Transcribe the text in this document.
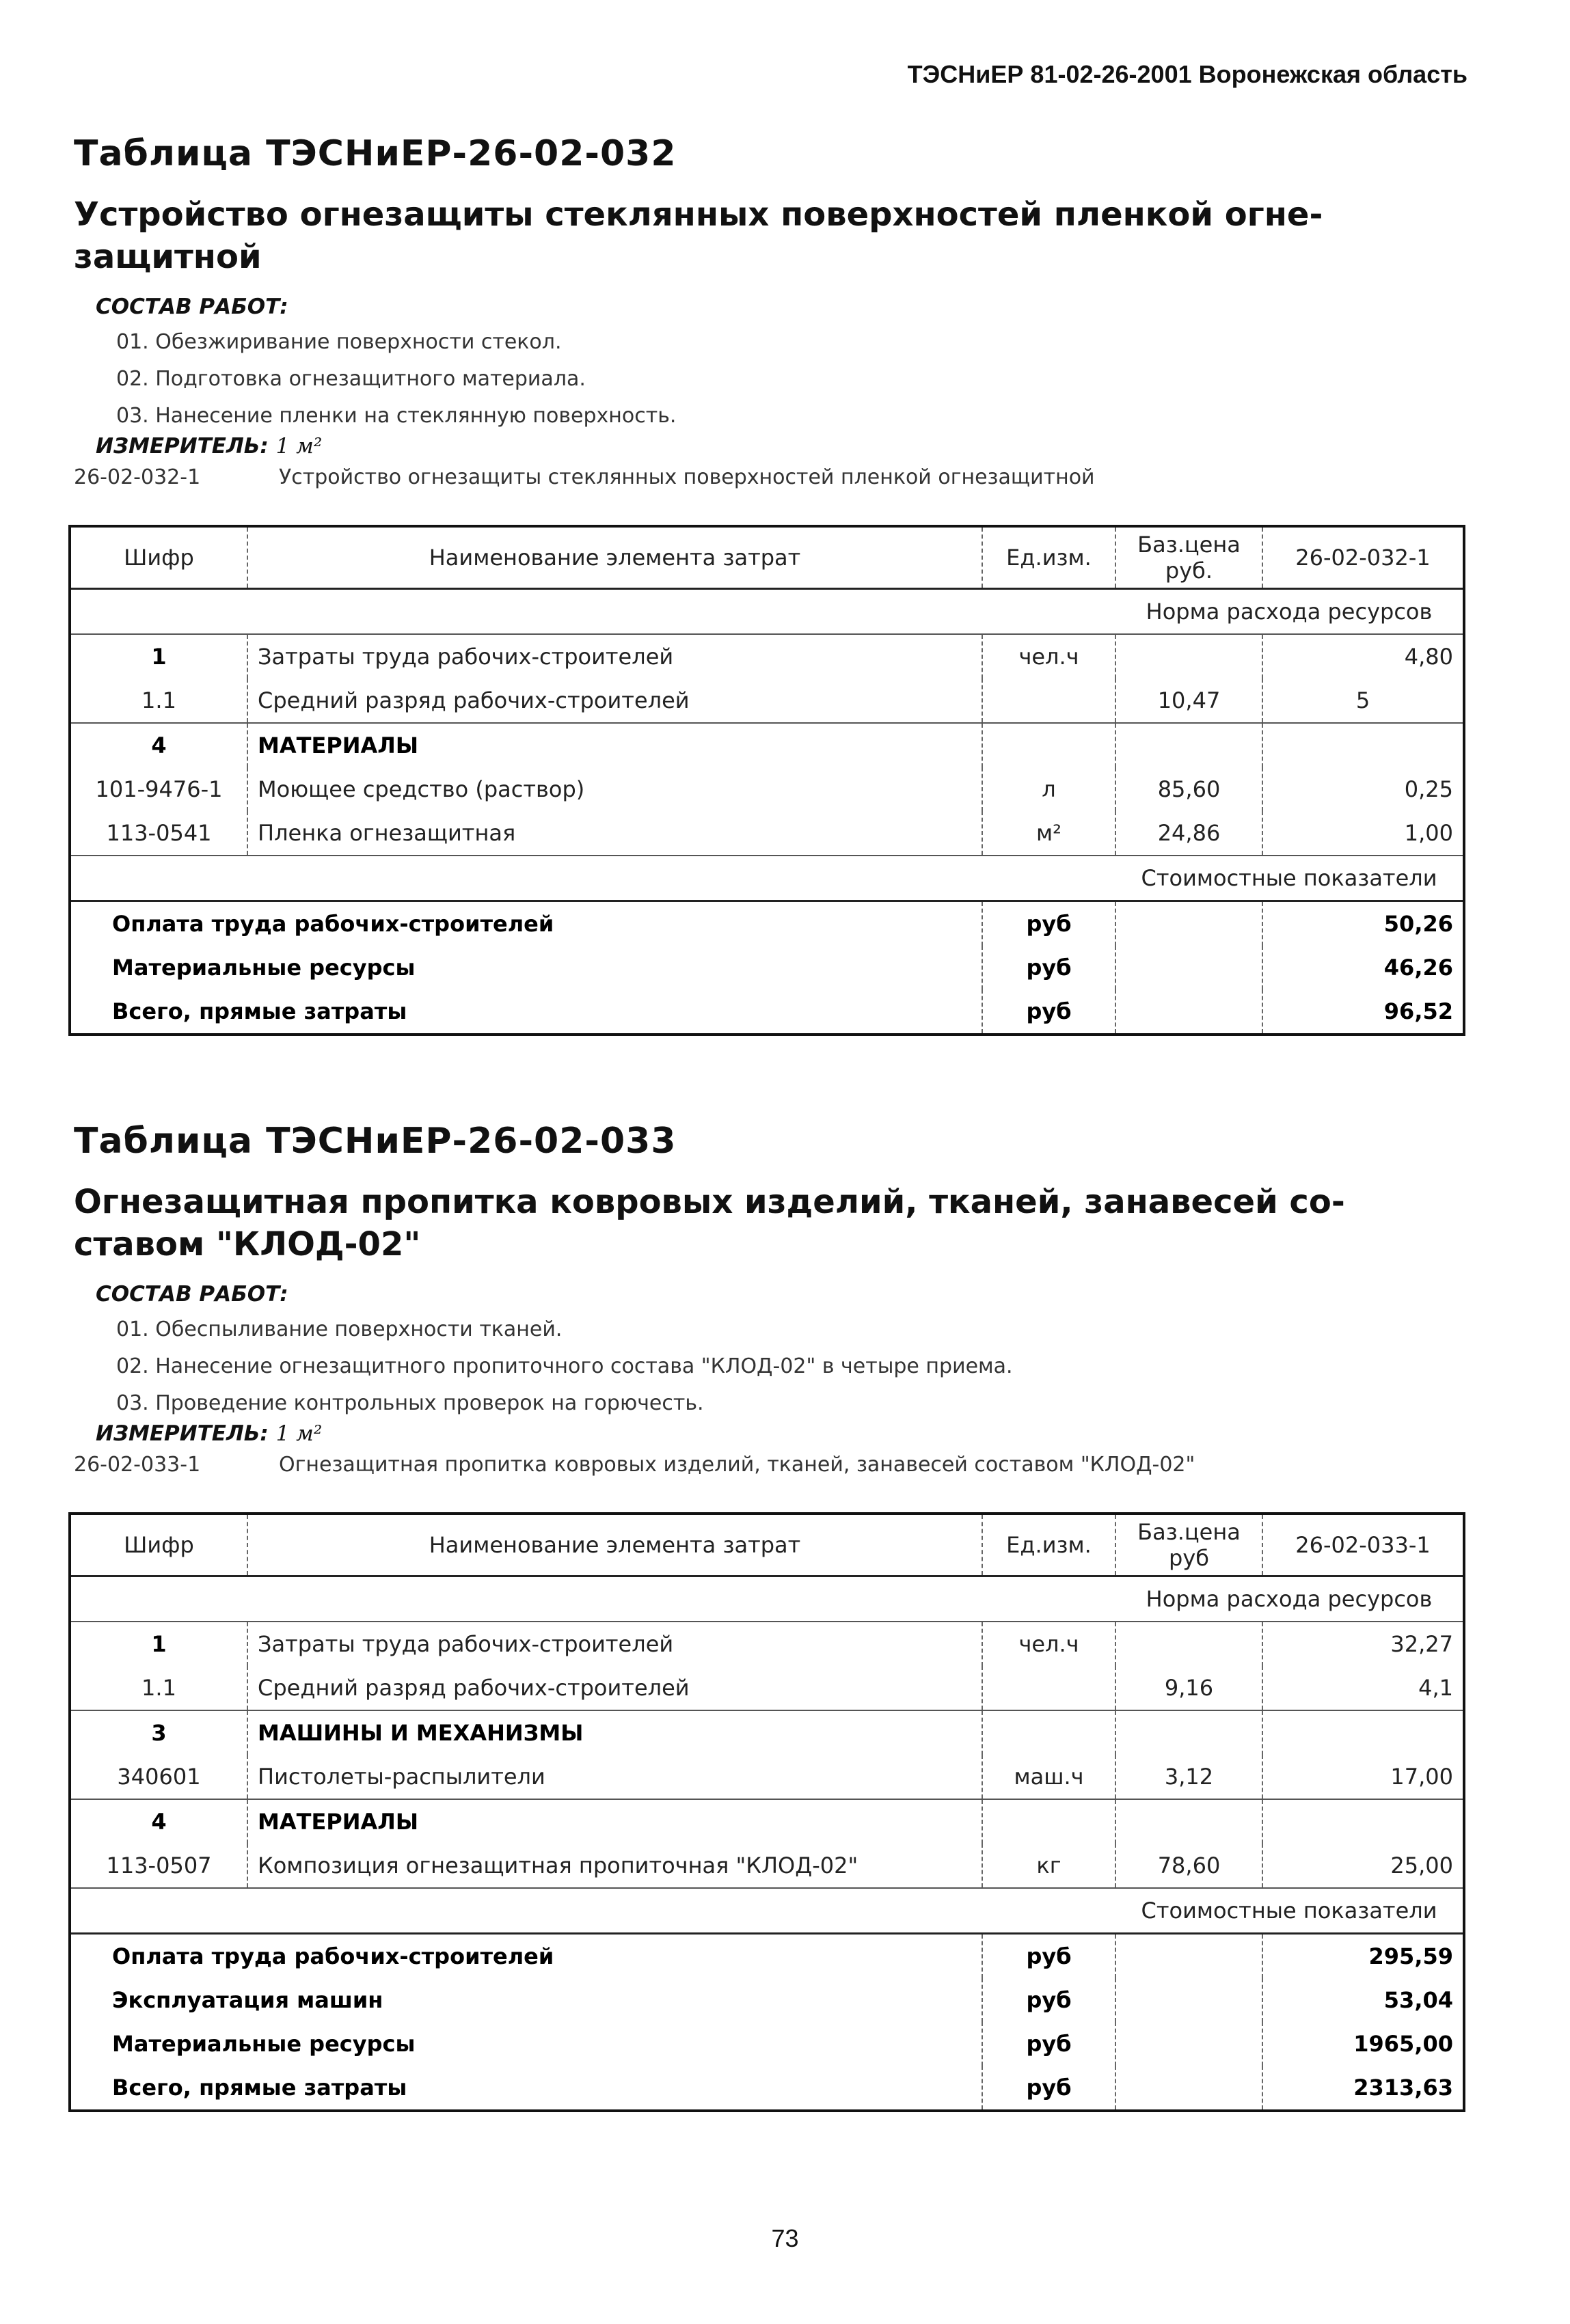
ТЭСНиЕР 81-02-26-2001 Воронежская область
Таблица ТЭСНиЕР-26-02-032
Устройство огнезащиты стеклянных поверхностей пленкой огне-защитной
СОСТАВ РАБОТ:
01. Обезжиривание поверхности стекол.
02. Подготовка огнезащитного материала.
03. Нанесение пленки на стеклянную поверхность.
ИЗМЕРИТЕЛЬ: 1 м²
26-02-032-1	Устройство огнезащиты стеклянных поверхностей пленкой огнезащитной
Шифр	Наименование элемента затрат	Ед.изм.	Баз.цена руб.	26-02-032-1
			Норма расхода ресурсов	
1	Затраты труда рабочих-строителей	чел.ч		4,80
1.1	Средний разряд рабочих-строителей		10,47	5
4	МАТЕРИАЛЫ			
101-9476-1	Моющее средство (раствор)	л	85,60	0,25
113-0541	Пленка огнезащитная	м²	24,86	1,00
			Стоимостные показатели	
Оплата труда рабочих-строителей		руб		50,26
Материальные ресурсы		руб		46,26
Всего, прямые затраты		руб		96,52
Таблица ТЭСНиЕР-26-02-033
Огнезащитная пропитка ковровых изделий, тканей, занавесей со-ставом "КЛОД-02"
СОСТАВ РАБОТ:
01. Обеспыливание поверхности тканей.
02. Нанесение огнезащитного пропиточного состава "КЛОД-02" в четыре приема.
03. Проведение контрольных проверок на горючесть.
ИЗМЕРИТЕЛЬ: 1 м²
26-02-033-1	Огнезащитная пропитка ковровых изделий, тканей, занавесей составом "КЛОД-02"
Шифр	Наименование элемента затрат	Ед.изм.	Баз.цена руб	26-02-033-1
			Норма расхода ресурсов	
1	Затраты труда рабочих-строителей	чел.ч		32,27
1.1	Средний разряд рабочих-строителей		9,16	4,1
3	МАШИНЫ И МЕХАНИЗМЫ			
340601	Пистолеты-распылители	маш.ч	3,12	17,00
4	МАТЕРИАЛЫ			
113-0507	Композиция огнезащитная пропиточная "КЛОД-02"	кг	78,60	25,00
			Стоимостные показатели	
Оплата труда рабочих-строителей		руб		295,59
Эксплуатация машин		руб		53,04
Материальные ресурсы		руб		1965,00
Всего, прямые затраты		руб		2313,63
73
